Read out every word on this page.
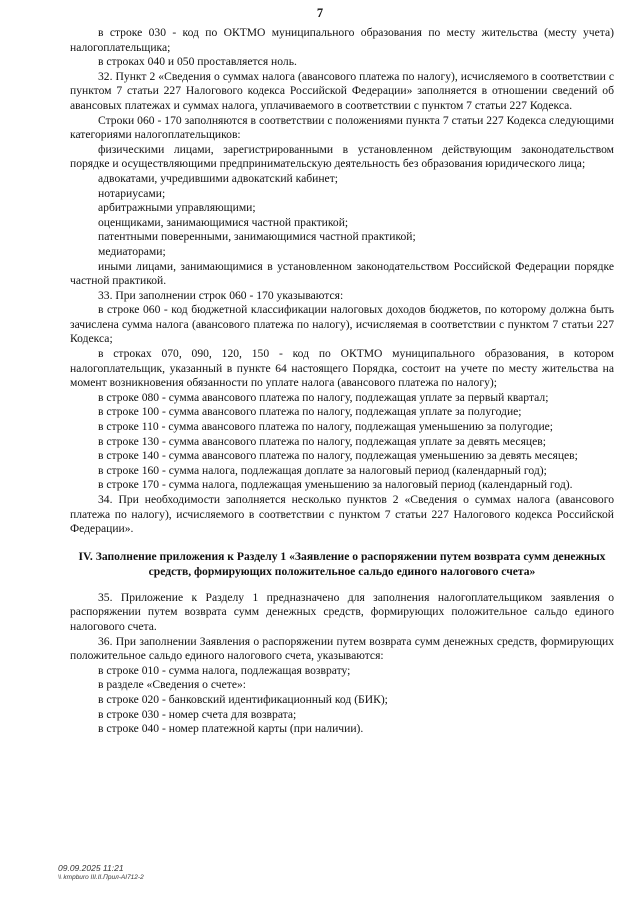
7

в строке 030 - код по ОКТМО муниципального образования по месту жительства (месту учета) налогоплательщика;

в строках 040 и 050 проставляется ноль.

32. Пункт 2 «Сведения о суммах налога (авансового платежа по налогу), исчисляемого в соответствии с пунктом 7 статьи 227 Налогового кодекса Российской Федерации» заполняется в отношении сведений об авансовых платежах и суммах налога, уплачиваемого в соответствии с пунктом 7 статьи 227 Кодекса.

Строки 060 - 170 заполняются в соответствии с положениями пункта 7 статьи 227 Кодекса следующими категориями налогоплательщиков:

физическими лицами, зарегистрированными в установленном действующим законодательством порядке и осуществляющими предпринимательскую деятельность без образования юридического лица;

адвокатами, учредившими адвокатский кабинет;

нотариусами;

арбитражными управляющими;

оценщиками, занимающимися частной практикой;

патентными поверенными, занимающимися частной практикой;

медиаторами;

иными лицами, занимающимися в установленном законодательством Российской Федерации порядке частной практикой.

33. При заполнении строк 060 - 170 указываются:

в строке 060 - код бюджетной классификации налоговых доходов бюджетов, по которому должна быть зачислена сумма налога (авансового платежа по налогу), исчисляемая в соответствии с пунктом 7 статьи 227 Кодекса;

в строках 070, 090, 120, 150 - код по ОКТМО муниципального образования, в котором налогоплательщик, указанный в пункте 64 настоящего Порядка, состоит на учете по месту жительства на момент возникновения обязанности по уплате налога (авансового платежа по налогу);

в строке 080 - сумма авансового платежа по налогу, подлежащая уплате за первый квартал;

в строке 100 - сумма авансового платежа по налогу, подлежащая уплате за полугодие;

в строке 110 - сумма авансового платежа по налогу, подлежащая уменьшению за полугодие;

в строке 130 - сумма авансового платежа по налогу, подлежащая уплате за девять месяцев;

в строке 140 - сумма авансового платежа по налогу, подлежащая уменьшению за девять месяцев;

в строке 160 - сумма налога, подлежащая доплате за налоговый период (календарный год);

в строке 170 - сумма налога, подлежащая уменьшению за налоговый период (календарный год).

34. При необходимости заполняется несколько пунктов 2 «Сведения о суммах налога (авансового платежа по налогу), исчисляемого в соответствии с пунктом 7 статьи 227 Налогового кодекса Российской Федерации».

IV. Заполнение приложения к Разделу 1 «Заявление о распоряжении путем возврата сумм денежных средств, формирующих положительное сальдо единого налогового счета»

35. Приложение к Разделу 1 предназначено для заполнения налогоплательщиком заявления о распоряжении путем возврата сумм денежных средств, формирующих положительное сальдо единого налогового счета.

36. При заполнении Заявления о распоряжении путем возврата сумм денежных средств, формирующих положительное сальдо единого налогового счета, указываются:

в строке 010 - сумма налога, подлежащая возврату;

в разделе «Сведения о счете»:

в строке 020 - банковский идентификационный код (БИК);

в строке 030 - номер счета для возврата;

в строке 040 - номер платежной карты (при наличии).

09.09.2025 11:21
\\ kmpburo III.II.Прил-АI712-2
